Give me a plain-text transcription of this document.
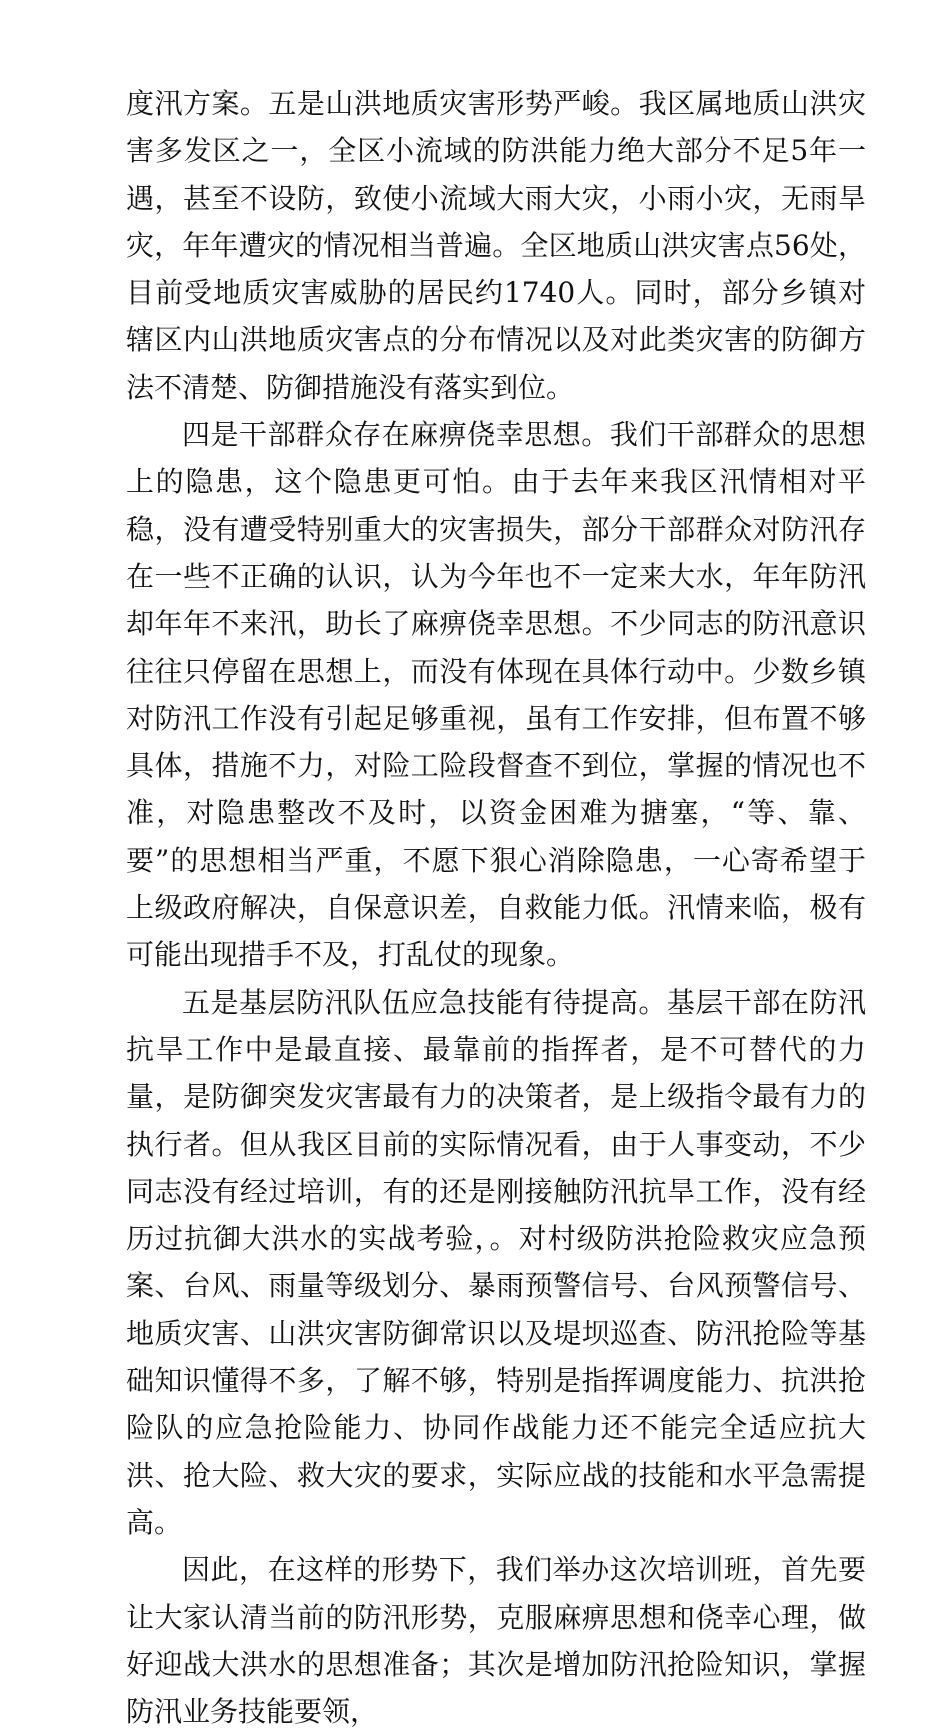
度汛方案。五是山洪地质灾害形势严峻。我区属地质山洪灾害多发区之一，全区小流域的防洪能力绝大部分不足5年一遇，甚至不设防，致使小流域大雨大灾，小雨小灾，无雨旱灾，年年遭灾的情况相当普遍。全区地质山洪灾害点56处，目前受地质灾害威胁的居民约1740人。同时，部分乡镇对辖区内山洪地质灾害点的分布情况以及对此类灾害的防御方法不清楚、防御措施没有落实到位。

四是干部群众存在麻痹侥幸思想。我们干部群众的思想上的隐患，这个隐患更可怕。由于去年来我区汛情相对平稳，没有遭受特别重大的灾害损失，部分干部群众对防汛存在一些不正确的认识，认为今年也不一定来大水，年年防汛却年年不来汛，助长了麻痹侥幸思想。不少同志的防汛意识往往只停留在思想上，而没有体现在具体行动中。少数乡镇对防汛工作没有引起足够重视，虽有工作安排，但布置不够具体，措施不力，对险工险段督查不到位，掌握的情况也不准，对隐患整改不及时，以资金困难为搪塞，“等、靠、要”的思想相当严重，不愿下狠心消除隐患，一心寄希望于上级政府解决，自保意识差，自救能力低。汛情来临，极有可能出现措手不及，打乱仗的现象。

五是基层防汛队伍应急技能有待提高。基层干部在防汛抗旱工作中是最直接、最靠前的指挥者，是不可替代的力量，是防御突发灾害最有力的决策者，是上级指令最有力的执行者。但从我区目前的实际情况看，由于人事变动，不少同志没有经过培训，有的还是刚接触防汛抗旱工作，没有经历过抗御大洪水的实战考验，。对村级防洪抢险救灾应急预案、台风、雨量等级划分、暴雨预警信号、台风预警信号、地质灾害、山洪灾害防御常识以及堤坝巡查、防汛抢险等基础知识懂得不多，了解不够，特别是指挥调度能力、抗洪抢险队的应急抢险能力、协同作战能力还不能完全适应抗大洪、抢大险、救大灾的要求，实际应战的技能和水平急需提高。

因此，在这样的形势下，我们举办这次培训班，首先要让大家认清当前的防汛形势，克服麻痹思想和侥幸心理，做好迎战大洪水的思想准备；其次是增加防汛抢险知识，掌握防汛业务技能要领，
